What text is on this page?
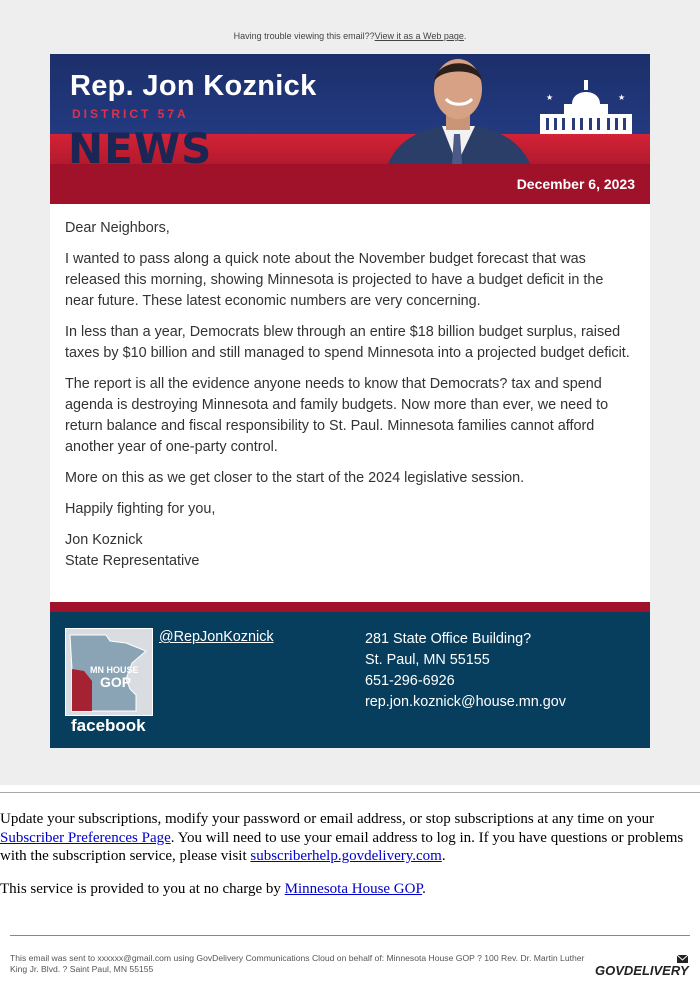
Having trouble viewing this email??View it as a Web page.
Rep. Jon Koznick
DISTRICT 57A
NEWS
★	★
December 6, 2023

Dear Neighbors,

I wanted to pass along a quick note about the November budget forecast that was released this morning, showing Minnesota is projected to have a budget deficit in the near future. These latest economic numbers are very concerning.

In less than a year, Democrats blew through an entire $18 billion budget surplus, raised taxes by $10 billion and still managed to spend Minnesota into a projected budget deficit.

The report is all the evidence anyone needs to know that Democrats? tax and spend agenda is destroying Minnesota and family budgets. Now more than ever, we need to return balance and fiscal responsibility to St. Paul. Minnesota families cannot afford another year of one-party control.

More on this as we get closer to the start of the 2024 legislative session.

Happily fighting for you,

Jon Koznick
State Representative

MN HOUSE
GOP
facebook
@RepJonKoznick	281 State Office Building?
St. Paul, MN 55155
651-296-6926
rep.jon.koznick@house.mn.gov

Update your subscriptions, modify your password or email address, or stop subscriptions at any time on your Subscriber Preferences Page. You will need to use your email address to log in. If you have questions or problems with the subscription service, please visit subscriberhelp.govdelivery.com.

This service is provided to you at no charge by Minnesota House GOP.

This email was sent to xxxxxx@gmail.com using GovDelivery Communications Cloud on behalf of: Minnesota House GOP ? 100 Rev. Dr. Martin Luther King Jr. Blvd. ? Saint Paul, MN 55155	GOVDELIVERY
